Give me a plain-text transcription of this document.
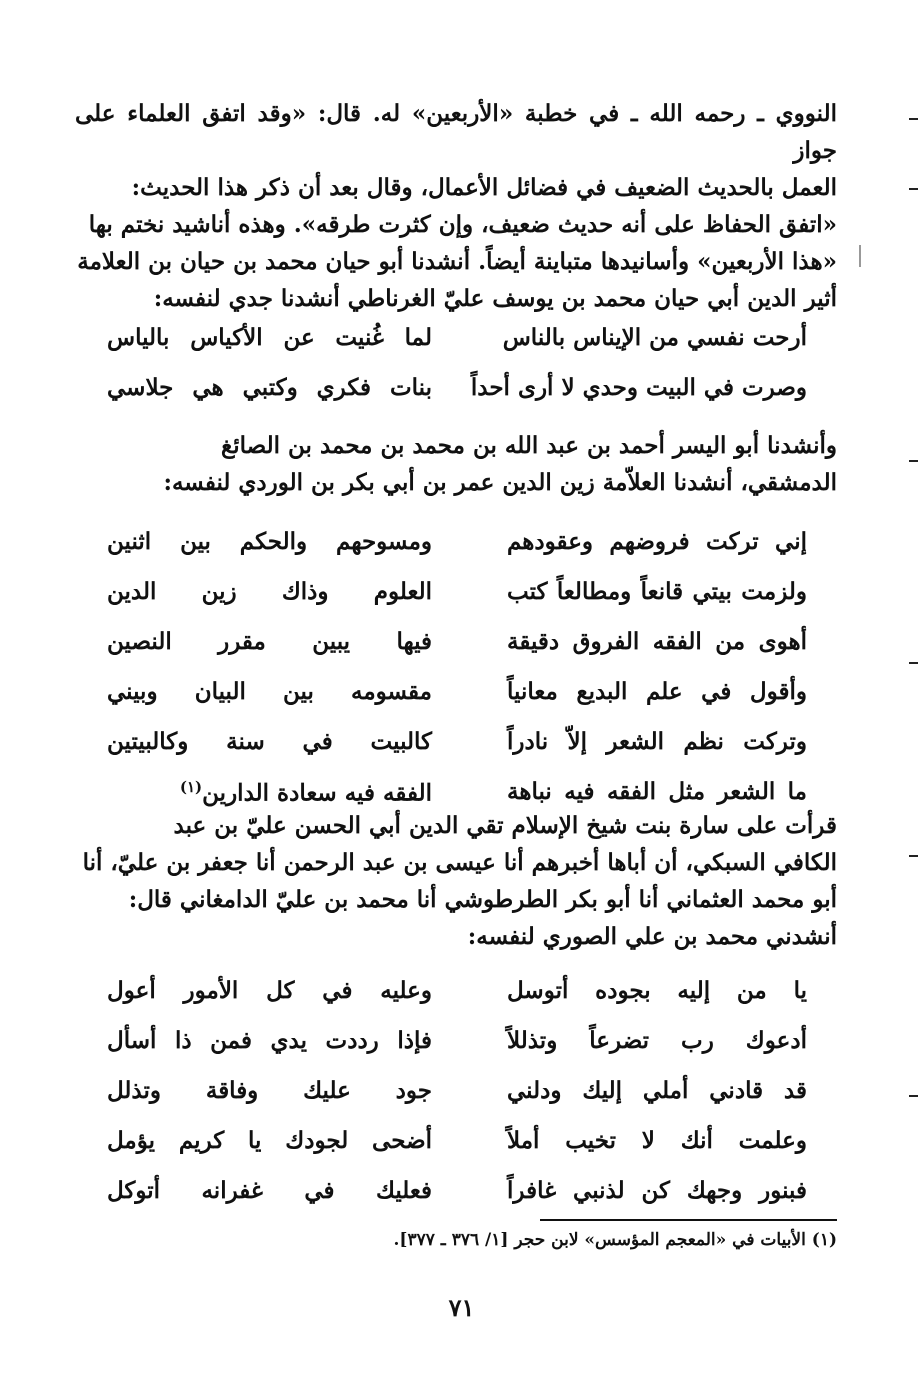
النووي ـ رحمه الله ـ في خطبة «الأربعين» له. قال: «وقد اتفق العلماء على جواز
العمل بالحديث الضعيف في فضائل الأعمال، وقال بعد أن ذكر هذا الحديث:
«اتفق الحفاظ على أنه حديث ضعيف، وإن كثرت طرقه». وهذه أناشيد نختم بها
«هذا الأربعين» وأسانيدها متباينة أيضاً. أنشدنا أبو حيان محمد بن حيان بن العلامة
أثير الدين أبي حيان محمد بن يوسف عليّ الغرناطي أنشدنا جدي لنفسه:
أرحت نفسي من الإيناس بالناس
لما غُنيت عن الأكياس بالياس
وصرت في البيت وحدي لا أرى أحداً
بنات فكري وكتبي هي جلاسي
وأنشدنا أبو اليسر أحمد بن عبد الله بن محمد بن محمد بن الصائغ
الدمشقي، أنشدنا العلاّمة زين الدين عمر بن أبي بكر بن الوردي لنفسه:
إني تركت فروضهم وعقودهم
ومسوحهم والحكم بين اثنين
ولزمت بيتي قانعاً ومطالعاً كتب
العلوم وذاك زين الدين
أهوى من الفقه الفروق دقيقة
فيها يبين مقرر النصين
وأقول في علم البديع معانياً
مقسومه بين البيان وبيني
وتركت نظم الشعر إلاّ نادراً
كالبيت في سنة وكالبيتين
ما الشعر مثل الفقه فيه نباهة
الفقه فيه سعادة الدارين$^{(١)}$
قرأت على سارة بنت شيخ الإسلام تقي الدين أبي الحسن عليّ بن عبد
الكافي السبكي، أن أباها أخبرهم أنا عيسى بن عبد الرحمن أنا جعفر بن عليّ، أنا
أبو محمد العثماني أنا أبو بكر الطرطوشي أنا محمد بن عليّ الدامغاني قال:
أنشدني محمد بن علي الصوري لنفسه:
يا من إليه بجوده أتوسل
وعليه في كل الأمور أعول
أدعوك رب تضرعاً وتذللاً
فإذا رددت يدي فمن ذا أسأل
قد قادني أملي إليك ودلني
جود عليك وفاقة وتذلل
وعلمت أنك لا تخيب أملاً
أضحى لجودك يا كريم يؤمل
فبنور وجهك كن لذنبي غافراً
فعليك في غفرانه أتوكل
(١) الأبيات في «المعجم المؤسس» لابن حجر [١/ ٣٧٦ ـ ٣٧٧].
٧١
